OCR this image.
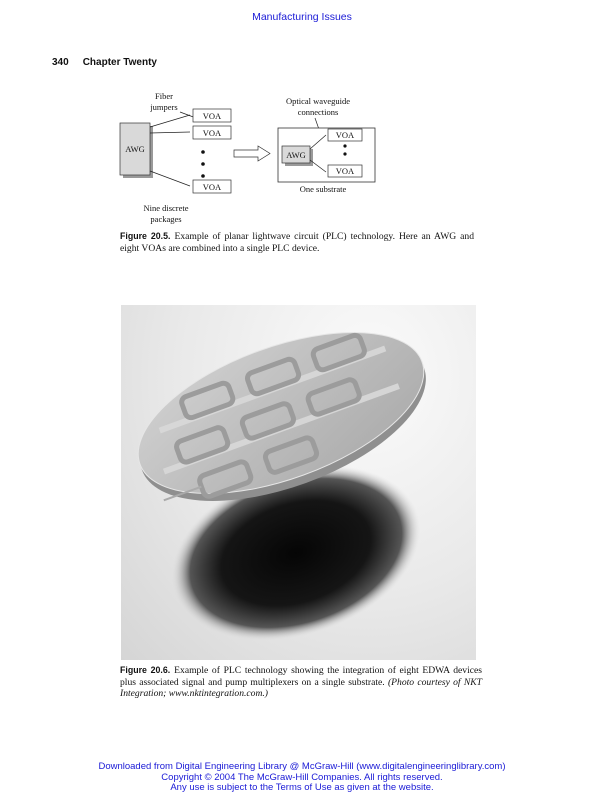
Manufacturing Issues
340 Chapter Twenty
Fiber
jumpers
AWG
VOA
VOA
VOA
Nine discrete
packages
Optical waveguide
connections
AWG
VOA
VOA
One substrate
Figure 20.5. Example of planar lightwave circuit (PLC) technology. Here an AWG and eight VOAs are combined into a single PLC device.
Figure 20.6. Example of PLC technology showing the integration of eight EDWA devices plus associated signal and pump multiplexers on a single substrate. (Photo courtesy of NKT Integration; www.nktintegration.com.)
Downloaded from Digital Engineering Library @ McGraw-Hill (www.digitalengineeringlibrary.com)
Copyright © 2004 The McGraw-Hill Companies. All rights reserved.
Any use is subject to the Terms of Use as given at the website.
